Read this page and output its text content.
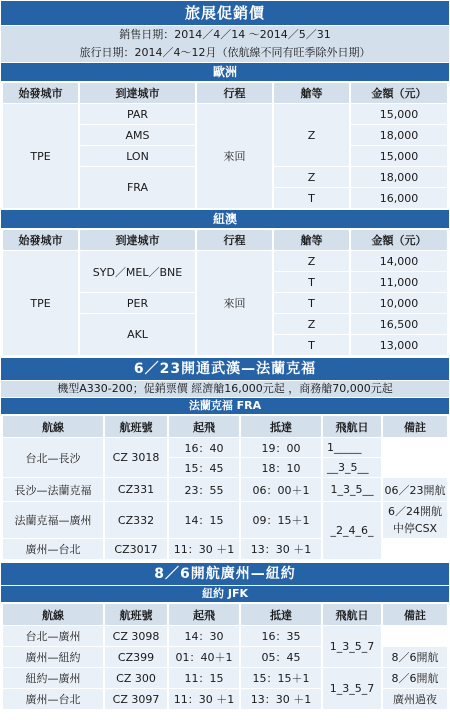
旅展促銷價
銷售日期：2014／4／14 ～2014／5／31
旅行日期：2014／4～12月（依航線不同有旺季除外日期）
歐洲
始發城市	到達城市	行程	艙等	金額（元）
TPE	PAR	來回	Z	15,000
	AMS			18,000
	LON			15,000
	FRA		Z	18,000
			T	16,000
紐澳
始發城市	到達城市	行程	艙等	金額（元）
TPE	SYD／MEL／BNE	來回	Z	14,000
			T	11,000
	PER		T	10,000
	AKL		Z	16,500
			T	13,000
6／23開通武漢—法蘭克福
機型A330-200；促銷票價 經濟艙16,000元起 ，商務艙70,000元起
法蘭克福 FRA
航線	航班號	起飛	抵達	飛航日	備註
台北—長沙	CZ 3018	16：40	19：00	1_____	
		15：45	18：10	__3_5__	
長沙—法蘭克福	CZ331	23：55	06：00＋1	1_3_5__	06／23開航
法蘭克福—廣州	CZ332	14：15	09：15＋1	_2_4_6_	6／24開航
中停CSX

廣州—台北	CZ3017	11：30 ＋1	13：30 ＋1		
8／6開航廣州—紐約
紐約 JFK
航線	航班號	起飛	抵達	飛航日	備註
台北—廣州	CZ 3098	14：30	16：35	1_3_5_7	
廣州—紐約	CZ399	01：40＋1	05：45		8／6開航
紐約—廣州	CZ 300	11：15	15：15＋1	1_3_5_7	8／6開航
廣州—台北	CZ 3097	11：30 ＋1	13：30 ＋1		廣州過夜
